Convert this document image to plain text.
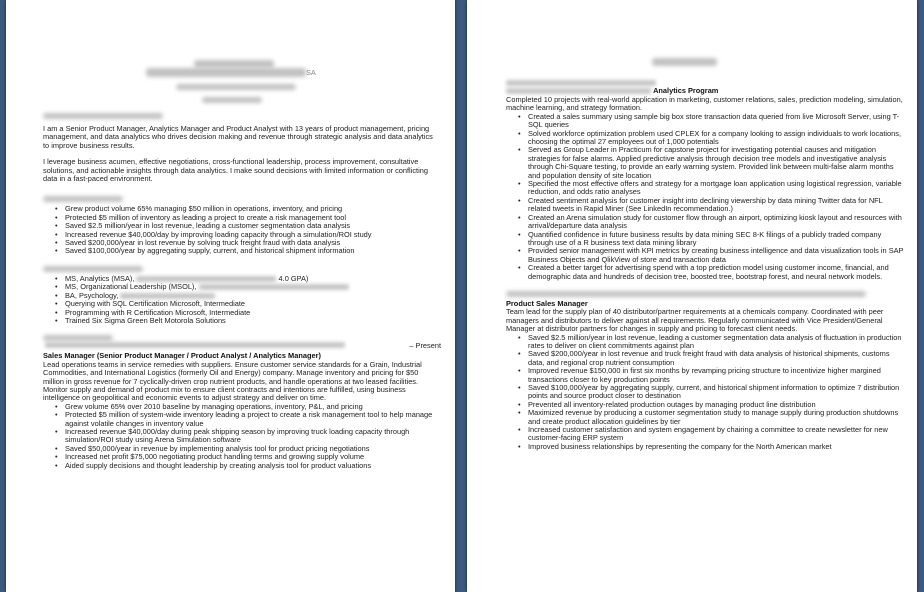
SA

I am a Senior Product Manager, Analytics Manager and Product Analyst with 13 years of product management, pricing management, and data analytics who drives decision making and revenue through strategic analysis and data analytics to improve business results.

I leverage business acumen, effective negotiations, cross-functional leadership, process improvement, consultative solutions, and actionable insights through data analytics. I make sound decisions with limited information or conflicting data in a fast-paced environment.

• Grew product volume 65% managing $50 million in operations, inventory, and pricing
• Protected $5 million of inventory as leading a project to create a risk management tool
• Saved $2.5 million/year in lost revenue, leading a customer segmentation data analysis
• Increased revenue $40,000/day by improving loading capacity through a simulation/ROI study
• Saved $200,000/year in lost revenue by solving truck freight fraud with data analysis
• Saved $100,000/year by aggregating supply, current, and historical shipment information
• MS, Analytics (MSA),	4.0 GPA)
• MS, Organizational Leadership (MSOL),
• BA, Psychology,
• Querying with SQL Certification Microsoft, Intermediate
• Programming with R Certification Microsoft, Intermediate
• Trained Six Sigma Green Belt Motorola Solutions
– Present

Sales Manager (Senior Product Manager / Product Analyst / Analytics Manager)

Lead operations teams in service remedies with suppliers. Ensure customer service standards for a Grain, Industrial Commodities, and International Logistics (formerly Oil and Energy) company. Manage inventory and pricing for $50 million in gross revenue for 7 cyclically-driven crop nutrient products, and handle operations at two leased facilities. Monitor supply and demand of product mix to ensure client contracts and intentions are fulfilled, using business intelligence on geopolitical and economic events to adjust strategy and deliver on time.

• Grew volume 65% over 2010 baseline by managing operations, inventory, P&L, and pricing
• Protected $5 million of system-wide inventory leading a project to create a risk management tool to help manage against volatile changes in inventory value
• Increased revenue $40,000/day during peak shipping season by improving truck loading capacity through simulation/ROI study using Arena Simulation software
• Saved $50,000/year in revenue by implementing analysis tool for product pricing negotiations
• Increased net profit $75,000 negotiating product handling terms and growing supply volume
• Aided supply decisions and thought leadership by creating analysis tool for product valuations
Analytics Program

Completed 10 projects with real-world application in marketing, customer relations, sales, prediction modeling, simulation, machine learning, and strategy formation.

• Created a sales summary using sample big box store transaction data queried from live Microsoft Server, using T-SQL queries
• Solved workforce optimization problem used CPLEX for a company looking to assign individuals to work locations, choosing the optimal 27 employees out of 1,000 potentials
• Served as Group Leader in Practicum for capstone project for investigating potential causes and mitigation strategies for false alarms. Applied predictive analysis through decision tree models and investigative analysis through Chi-Square testing, to provide an early warning system. Provided link between multi-false alarm months and population density of site location
• Specified the most effective offers and strategy for a mortgage loan application using logistical regression, variable reduction, and odds ratio analyses
• Created sentiment analysis for customer insight into declining viewership by data mining Twitter data for NFL related tweets in Rapid Miner (See LinkedIn recommendation.)
• Created an Arena simulation study for customer flow through an airport, optimizing kiosk layout and resources with arrival/departure data analysis
• Quantified confidence in future business results by data mining SEC 8-K filings of a publicly traded company through use of a R business text data mining library
• Provided senior management with KPI metrics by creating business intelligence and data visualization tools in SAP Business Objects and QlikView of store and transaction data
• Created a better target for advertising spend with a top prediction model using customer income, financial, and demographic data and hundreds of decision tree, boosted tree, bootstrap forest, and neural network models.

Product Sales Manager

Team lead for the supply plan of 40 distributor/partner requirements at a chemicals company. Coordinated with peer managers and distributors to deliver against all requirements. Regularly communicated with Vice President/General Manager at distributor partners for changes in supply and pricing to forecast client needs.

• Saved $2.5 million/year in lost revenue, leading a customer segmentation data analysis of fluctuation in production rates to deliver on client commitments against plan
• Saved $200,000/year in lost revenue and truck freight fraud with data analysis of historical shipments, customs data, and regional crop nutrient consumption
• Improved revenue $150,000 in first six months by revamping pricing structure to incentivize higher margined transactions closer to key production points
• Saved $100,000/year by aggregating supply, current, and historical shipment information to optimize 7 distribution points and source product closer to destination
• Prevented all inventory-related production outages by managing product line distribution
• Maximized revenue by producing a customer segmentation study to manage supply during production shutdowns and create product allocation guidelines by tier
• Increased customer satisfaction and system engagement by chairing a committee to create newsletter for new customer-facing ERP system
• Improved business relationships by representing the company for the North American market
